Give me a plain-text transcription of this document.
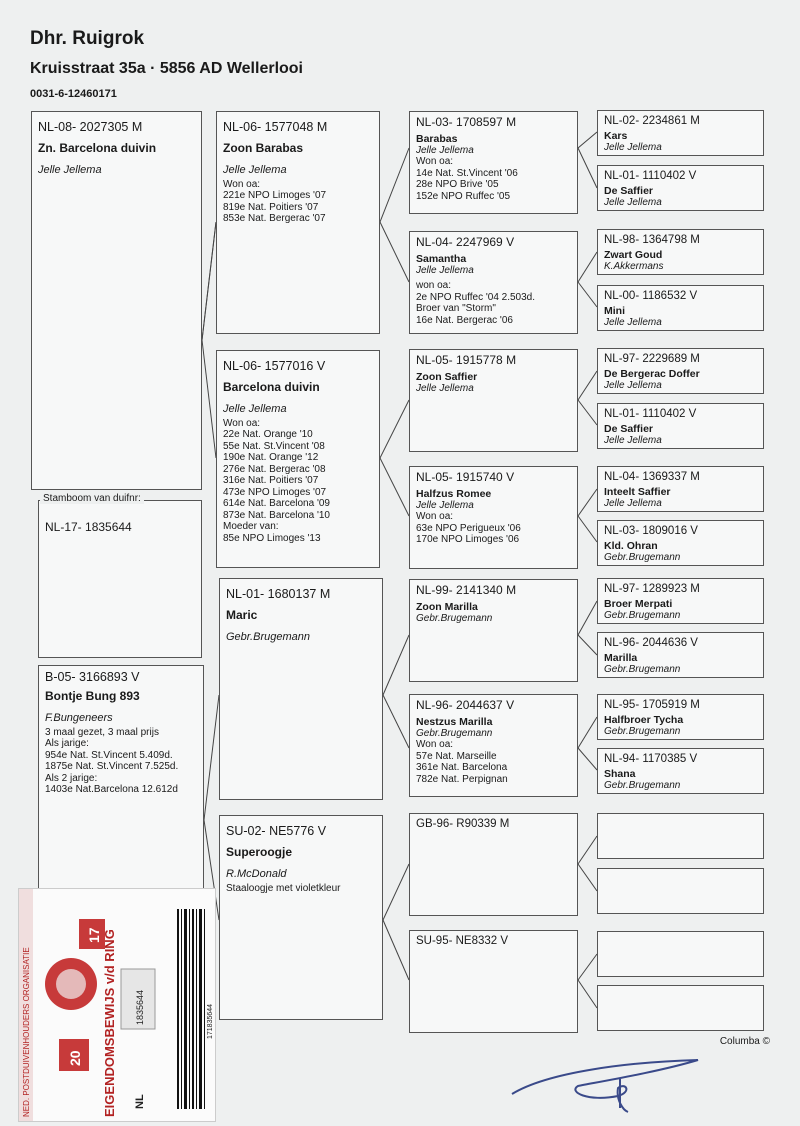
Dhr. Ruigrok
Kruisstraat 35a · 5856 AD Wellerlooi
0031-6-12460171
NL-08- 2027305 M
Zn. Barcelona duivin
Jelle Jellema
NL-17- 1835644
Stamboom van duifnr:
B-05- 3166893 V
Bontje Bung 893
F.Bungeneers
3 maal gezet, 3 maal prijs
Als jarige:
954e Nat. St.Vincent 5.409d.
1875e Nat. St.Vincent 7.525d.
Als 2 jarige:
1403e Nat.Barcelona 12.612d
NL-06- 1577048 M
Zoon Barabas
Jelle Jellema
Won oa:
221e NPO Limoges '07
819e Nat. Poitiers '07
853e Nat. Bergerac '07
NL-06- 1577016 V
Barcelona duivin
Jelle Jellema
Won oa:
22e Nat. Orange '10
55e Nat. St.Vincent '08
190e Nat. Orange '12
276e Nat. Bergerac '08
316e Nat. Poitiers '07
473e NPO Limoges '07
614e Nat. Barcelona '09
873e Nat. Barcelona '10
Moeder van:
85e NPO Limoges '13
NL-01- 1680137 M
Maric
Gebr.Brugemann
SU-02- NE5776 V
Superoogje
R.McDonald
Staaloogje met violetkleur
NL-03- 1708597 M
Barabas
Jelle Jellema
Won oa:
14e Nat. St.Vincent '06
28e NPO Brive '05
152e NPO Ruffec '05
NL-04- 2247969 V
Samantha
Jelle Jellema
won oa:
2e NPO Ruffec '04 2.503d.
Broer van "Storm"
16e Nat. Bergerac '06
NL-05- 1915778 M
Zoon Saffier
Jelle Jellema
NL-05- 1915740 V
Halfzus Romee
Jelle Jellema
Won oa:
63e NPO Perigueux '06
170e NPO Limoges '06
NL-99- 2141340 M
Zoon Marilla
Gebr.Brugemann
NL-96- 2044637 V
Nestzus Marilla
Gebr.Brugemann
Won oa:
57e Nat. Marseille
361e Nat. Barcelona
782e Nat. Perpignan
GB-96- R90339 M
SU-95- NE8332 V
NL-02- 2234861 M
Kars
Jelle Jellema
NL-01- 1110402 V
De Saffier
Jelle Jellema
NL-98- 1364798 M
Zwart Goud
K.Akkermans
NL-00- 1186532 V
Mini
Jelle Jellema
NL-97- 2229689 M
De Bergerac Doffer
Jelle Jellema
NL-01- 1110402 V
De Saffier
Jelle Jellema
NL-04- 1369337 M
Inteelt Saffier
Jelle Jellema
NL-03- 1809016 V
Kld. Ohran
Gebr.Brugemann
NL-97- 1289923 M
Broer Merpati
Gebr.Brugemann
NL-96- 2044636 V
Marilla
Gebr.Brugemann
NL-95- 1705919 M
Halfbroer Tycha
Gebr.Brugemann
NL-94- 1170385 V
Shana
Gebr.Brugemann
Columba ©
NED. POSTDUIVENHOUDERS ORGANISATIE	20
17 EIGENDOMSBEWIJS v/d RING 1835644
NL
171835644
